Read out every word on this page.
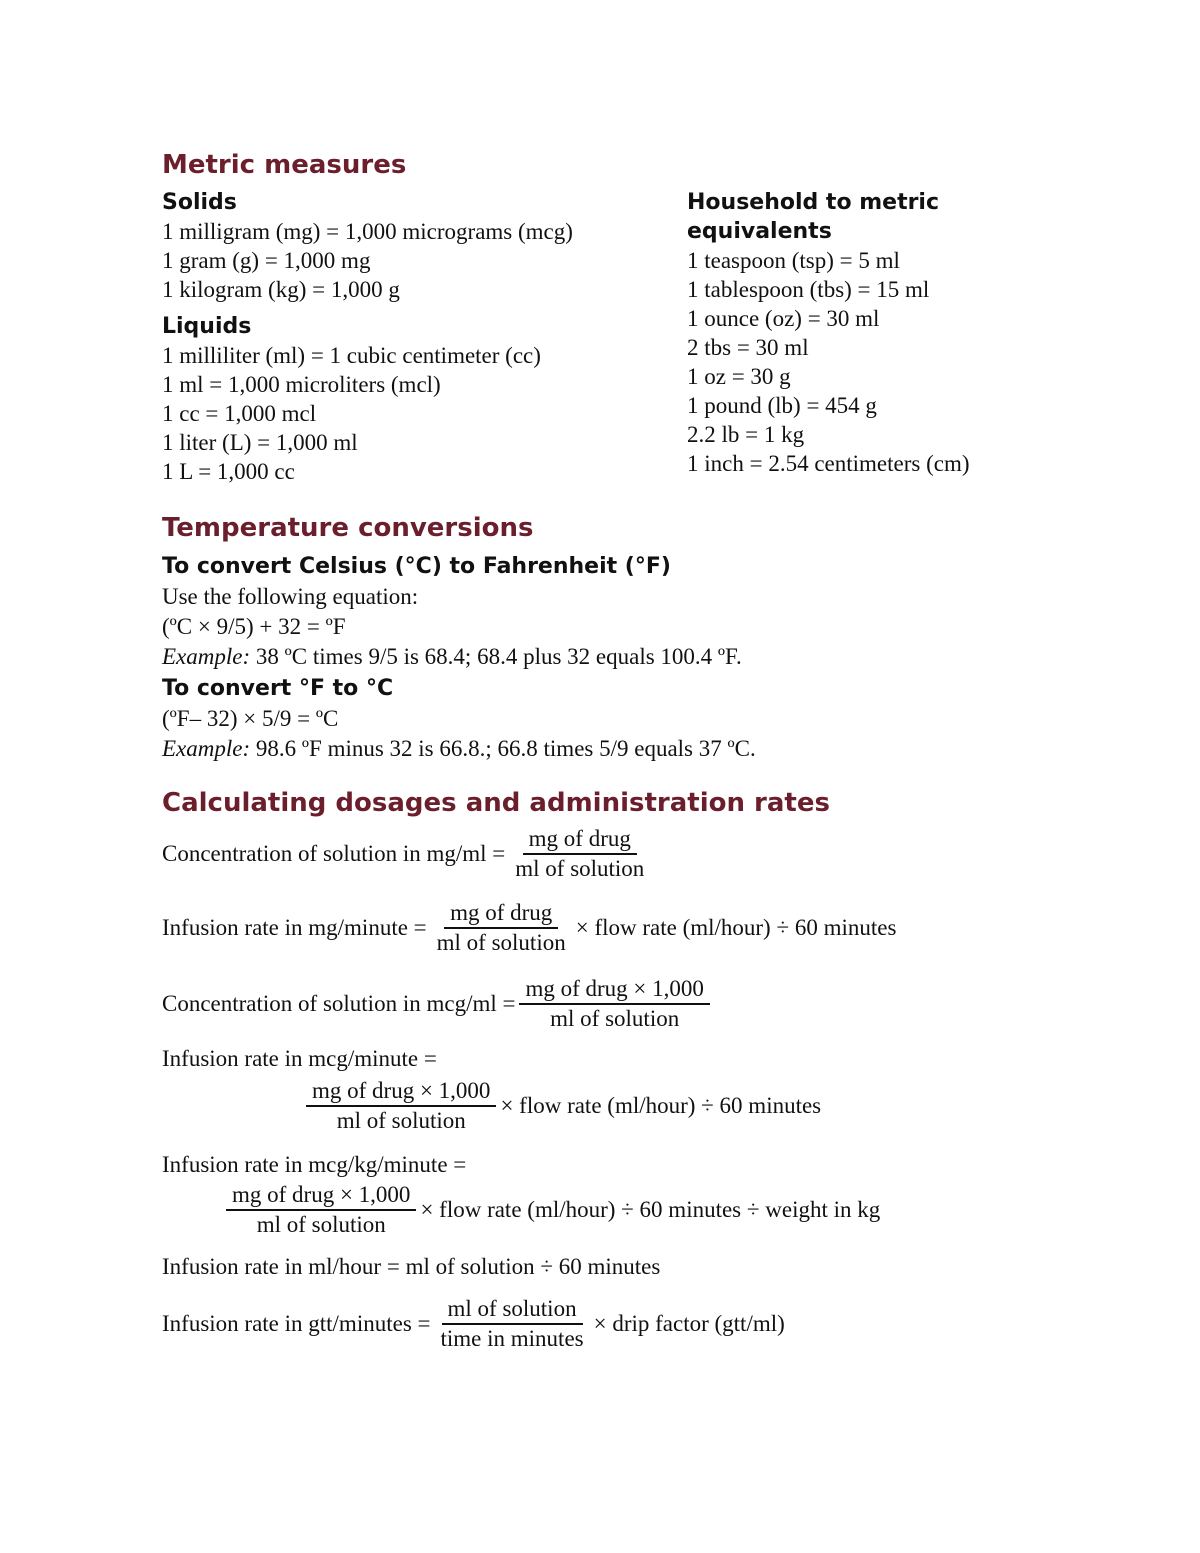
Metric measures
Solids
1 milligram (mg) = 1,000 micrograms (mcg)
1 gram (g) = 1,000 mg
1 kilogram (kg) = 1,000 g
Liquids
1 milliliter (ml) = 1 cubic centimeter (cc)
1 ml = 1,000 microliters (mcl)
1 cc = 1,000 mcl
1 liter (L) = 1,000 ml
1 L = 1,000 cc
Household to metric
equivalents
1 teaspoon (tsp) = 5 ml
1 tablespoon (tbs) = 15 ml
1 ounce (oz) = 30 ml
2 tbs = 30 ml
1 oz = 30 g
1 pound (lb) = 454 g
2.2 lb = 1 kg
1 inch = 2.54 centimeters (cm)
Temperature conversions
To convert Celsius (°C) to Fahrenheit (°F)
Use the following equation:
(ºC × 9/5) + 32 = ºF
Example: 38 ºC times 9/5 is 68.4; 68.4 plus 32 equals 100.4 ºF.
To convert °F to °C
(ºF– 32) × 5/9 = ºC
Example: 98.6 ºF minus 32 is 66.8.; 66.8 times 5/9 equals 37 ºC.
Calculating dosages and administration rates
Concentration of solution in $mg/ml = \frac{\text{mg of drug}}{\text{ml of solution}}$
Infusion rate in mg/minute = $\frac{\text{mg of drug}}{\text{ml of solution}}$ × flow rate (ml/hour) ÷ 60 minutes
Concentration of solution in $mcg/ml = \frac{\text{mg of drug × 1,000}}{\text{ml of solution}}$
Infusion rate in mcg/minute =
$\frac{\text{mg of drug × 1,000}}{\text{ml of solution}}$ × flow rate (ml/hour) ÷ 60 minutes
Infusion rate in mcg/kg/minute =
$\frac{\text{mg of drug × 1,000}}{\text{ml of solution}}$ × flow rate (ml/hour) ÷ 60 minutes ÷ weight in kg
Infusion rate in ml/hour = ml of solution ÷ 60 minutes
Infusion rate in gtt/minutes = $\frac{\text{ml of solution}}{\text{time in minutes}}$ × drip factor (gtt/ml)
